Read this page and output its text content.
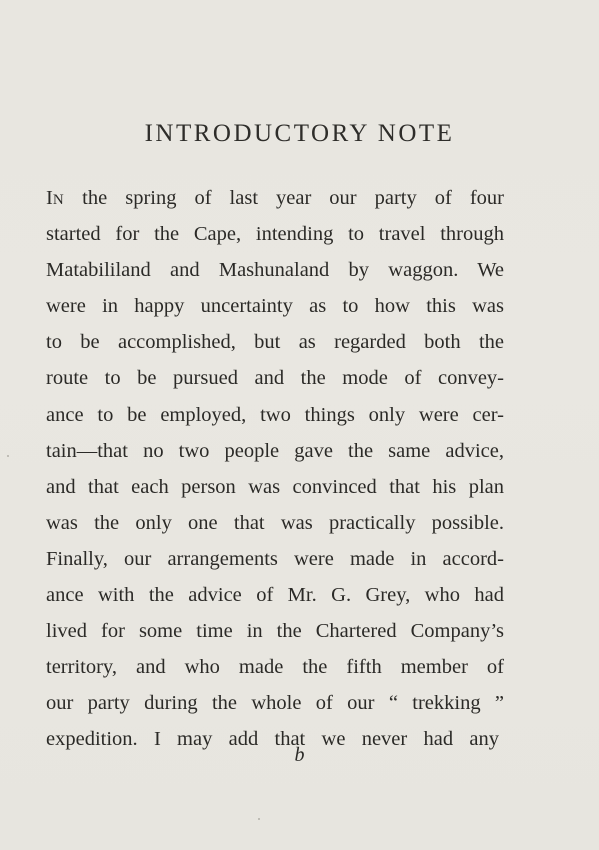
INTRODUCTORY NOTE
IN the spring of last year our party of four
started for the Cape, intending to travel through
Matabililand and Mashunaland by waggon. We
were in happy uncertainty as to how this was
to be accomplished, but as regarded both the
route to be pursued and the mode of convey-
ance to be employed, two things only were cer-
tain—that no two people gave the same advice,
and that each person was convinced that his plan
was the only one that was practically possible.
Finally, our arrangements were made in accord-
ance with the advice of Mr. G. Grey, who had
lived for some time in the Chartered Company’s
territory, and who made the fifth member of
our party during the whole of our “ trekking ”
expedition. I may add that we never had any
b
